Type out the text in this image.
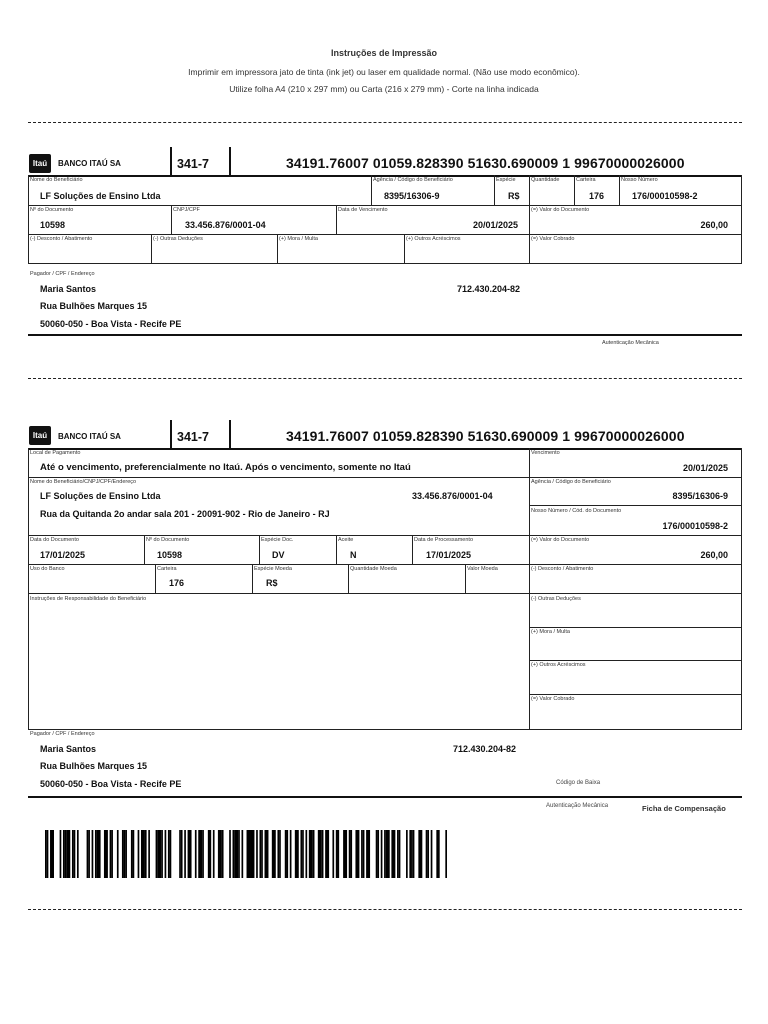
Instruções de Impressão
Imprimir em impressora jato de tinta (ink jet) ou laser em qualidade normal. (Não use modo econômico).
Utilize folha A4 (210 x 297 mm) ou Carta (216 x 279 mm) - Corte na linha indicada
Itaú	BANCO ITAÚ SA	341-7	34191.76007 01059.828390 51630.690009 1 99670000026000
Nome do Beneficiário
LF Soluções de Ensino Ltda
Agência / Código do Beneficiário
8395/16306-9
Espécie
R$
Quantidade	Carteira
176
Nosso Número
176/00010598-2
Nº do Documento
10598
CNPJ/CPF
33.456.876/0001-04
Data de Vencimento
20/01/2025
(=) Valor do Documento
260,00
(-) Desconto / Abatimento	(-) Outras Deduções	(+) Mora / Multa	(+) Outros Acréscimos	(=) Valor Cobrado
Pagador / CPF / Endereço
Maria Santos	712.430.204-82
Rua Bulhões Marques 15
50060-050 - Boa Vista - Recife PE
Autenticação Mecânica
Itaú	BANCO ITAÚ SA	341-7	34191.76007 01059.828390 51630.690009 1 99670000026000
Local de Pagamento
Até o vencimento, preferencialmente no Itaú. Após o vencimento, somente no Itaú
Vencimento
20/01/2025
Nome do Beneficiário/CNPJ/CPF/Endereço
LF Soluções de Ensino Ltda	33.456.876/0001-04
Rua da Quitanda 2o andar sala 201 - 20091-902 - Rio de Janeiro - RJ
Agência / Código do Beneficiário
8395/16306-9
Nosso Número / Cód. do Documento
176/00010598-2
Data do Documento
17/01/2025
Nº do Documento
10598
Espécie Doc.
DV
Aceite
N
Data de Processamento
17/01/2025
(=) Valor do Documento
260,00
Uso do Banco	Carteira
176
Espécie Moeda
R$
Quantidade Moeda	Valor Moeda	(-) Desconto / Abatimento
Instruções de Responsabilidade do Beneficiário	(-) Outras Deduções
(+) Mora / Multa
(+) Outros Acréscimos
(=) Valor Cobrado
Pagador / CPF / Endereço
Maria Santos	712.430.204-82
Rua Bulhões Marques 15
50060-050 - Boa Vista - Recife PE	Código de Baixa
Autenticação Mecânica	Ficha de Compensação
